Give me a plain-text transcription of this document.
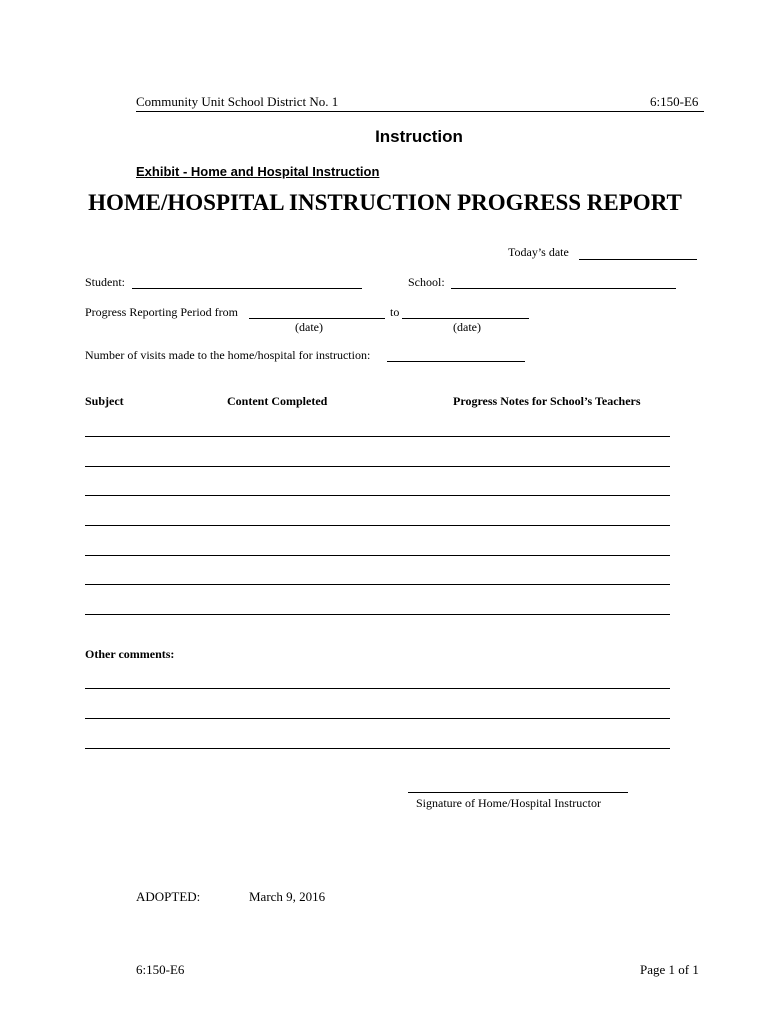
Community Unit School District No. 1	6:150-E6
Instruction
Exhibit - Home and Hospital Instruction
HOME/HOSPITAL INSTRUCTION PROGRESS REPORT
Today’s date
Student:	School:
Progress Reporting Period from	to
(date)	(date)
Number of visits made to the home/hospital for instruction:
Subject	Content Completed	Progress Notes for School’s Teachers
Other comments:
Signature of Home/Hospital Instructor
ADOPTED:	March 9, 2016
6:150-E6	Page 1 of 1
